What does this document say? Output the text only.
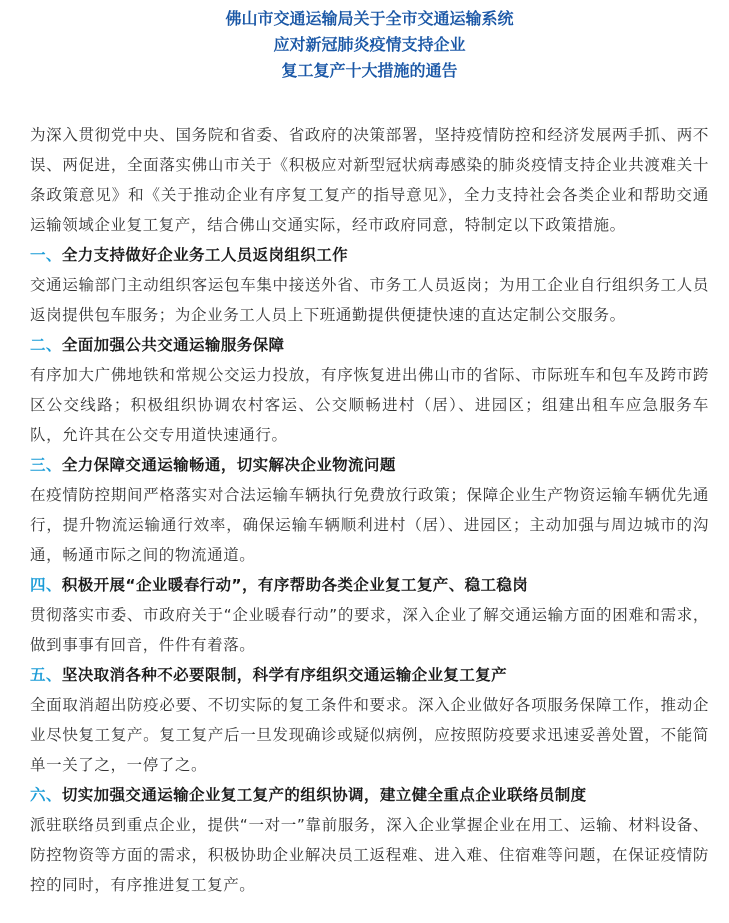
佛山市交通运输局关于全市交通运输系统
应对新冠肺炎疫情支持企业
复工复产十大措施的通告

为深入贯彻党中央、国务院和省委、省政府的决策部署，坚持疫情防控和经济发展两手抓、两不误、两促进，全面落实佛山市关于《积极应对新型冠状病毒感染的肺炎疫情支持企业共渡难关十条政策意见》和《关于推动企业有序复工复产的指导意见》，全力支持社会各类企业和帮助交通运输领域企业复工复产，结合佛山交通实际，经市政府同意，特制定以下政策措施。

一、全力支持做好企业务工人员返岗组织工作

交通运输部门主动组织客运包车集中接送外省、市务工人员返岗；为用工企业自行组织务工人员返岗提供包车服务；为企业务工人员上下班通勤提供便捷快速的直达定制公交服务。

二、全面加强公共交通运输服务保障

有序加大广佛地铁和常规公交运力投放，有序恢复进出佛山市的省际、市际班车和包车及跨市跨区公交线路；积极组织协调农村客运、公交顺畅进村（居）、进园区；组建出租车应急服务车队，允许其在公交专用道快速通行。

三、全力保障交通运输畅通，切实解决企业物流问题

在疫情防控期间严格落实对合法运输车辆执行免费放行政策；保障企业生产物资运输车辆优先通行，提升物流运输通行效率，确保运输车辆顺利进村（居）、进园区；主动加强与周边城市的沟通，畅通市际之间的物流通道。

四、积极开展“企业暖春行动”，有序帮助各类企业复工复产、稳工稳岗

贯彻落实市委、市政府关于“企业暖春行动”的要求，深入企业了解交通运输方面的困难和需求，做到事事有回音，件件有着落。

五、坚决取消各种不必要限制，科学有序组织交通运输企业复工复产

全面取消超出防疫必要、不切实际的复工条件和要求。深入企业做好各项服务保障工作，推动企业尽快复工复产。复工复产后一旦发现确诊或疑似病例，应按照防疫要求迅速妥善处置，不能简单一关了之，一停了之。

六、切实加强交通运输企业复工复产的组织协调，建立健全重点企业联络员制度

派驻联络员到重点企业，提供“一对一”靠前服务，深入企业掌握企业在用工、运输、材料设备、防控物资等方面的需求，积极协助企业解决员工返程难、进入难、住宿难等问题，在保证疫情防控的同时，有序推进复工复产。
